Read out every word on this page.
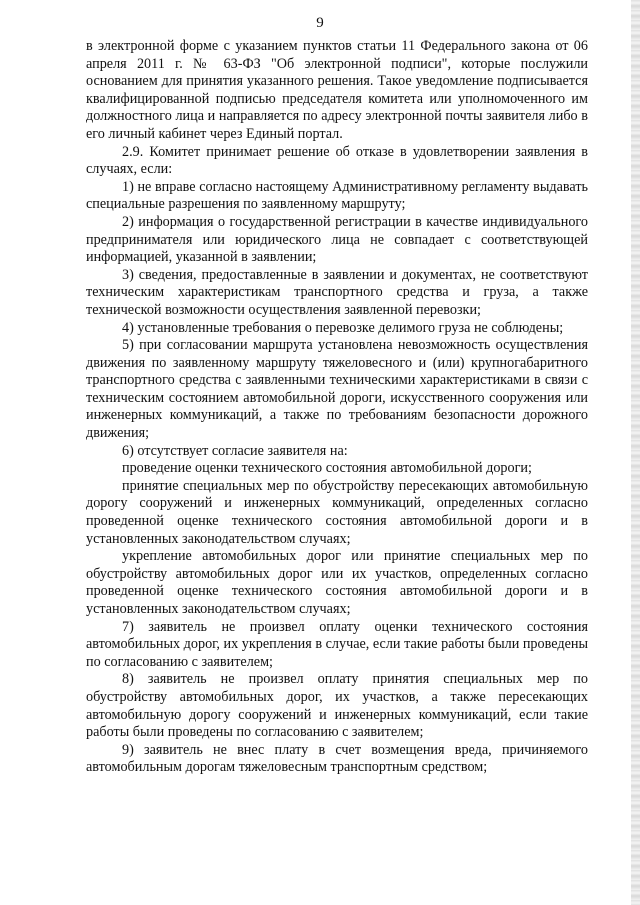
9

в электронной форме с указанием пунктов статьи 11 Федерального закона от 06 апреля 2011 г. № 63-ФЗ "Об электронной подписи", которые послужили основанием для принятия указанного решения. Такое уведомление подписывается квалифицированной подписью председателя комитета или уполномоченного им должностного лица и направляется по адресу электронной почты заявителя либо в его личный кабинет через Единый портал.

2.9. Комитет принимает решение об отказе в удовлетворении заявления в случаях, если:

1) не вправе согласно настоящему Административному регламенту выдавать специальные разрешения по заявленному маршруту;

2) информация о государственной регистрации в качестве индивидуального предпринимателя или юридического лица не совпадает с соответствующей информацией, указанной в заявлении;

3) сведения, предоставленные в заявлении и документах, не соответствуют техническим характеристикам транспортного средства и груза, а также технической возможности осуществления заявленной перевозки;

4) установленные требования о перевозке делимого груза не соблюдены;

5) при согласовании маршрута установлена невозможность осуществления движения по заявленному маршруту тяжеловесного и (или) крупногабаритного транспортного средства с заявленными техническими характеристиками в связи с техническим состоянием автомобильной дороги, искусственного сооружения или инженерных коммуникаций, а также по требованиям безопасности дорожного движения;

6) отсутствует согласие заявителя на:

проведение оценки технического состояния автомобильной дороги;

принятие специальных мер по обустройству пересекающих автомобильную дорогу сооружений и инженерных коммуникаций, определенных согласно проведенной оценке технического состояния автомобильной дороги и в установленных законодательством случаях;

укрепление автомобильных дорог или принятие специальных мер по обустройству автомобильных дорог или их участков, определенных согласно проведенной оценке технического состояния автомобильной дороги и в установленных законодательством случаях;

7) заявитель не произвел оплату оценки технического состояния автомобильных дорог, их укрепления в случае, если такие работы были проведены по согласованию с заявителем;

8) заявитель не произвел оплату принятия специальных мер по обустройству автомобильных дорог, их участков, а также пересекающих автомобильную дорогу сооружений и инженерных коммуникаций, если такие работы были проведены по согласованию с заявителем;

9) заявитель не внес плату в счет возмещения вреда, причиняемого автомобильным дорогам тяжеловесным транспортным средством;
